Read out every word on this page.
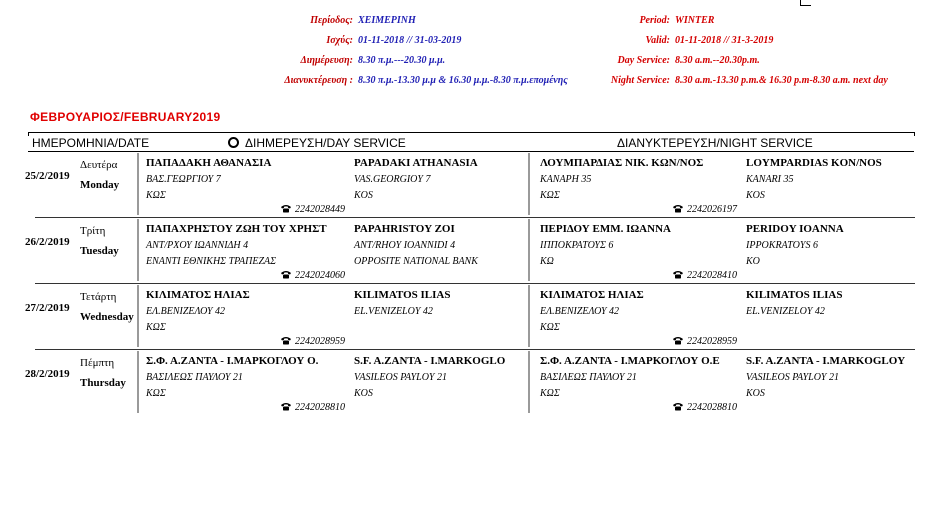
Περίοδος: ΧΕΙΜΕΡΙΝΗ
Ισχύς: 01-11-2018 // 31-03-2019
Διημέρευση: 8.30 π.μ.---20.30 μ.μ.
Διανυκτέρευση : 8.30 π.μ.-13.30 μ.μ & 16.30 μ.μ.-8.30 π.μ.επομένης
Period: WINTER
Valid: 01-11-2018 // 31-3-2019
Day Service: 8.30 a.m.--20.30p.m.
Night Service: 8.30 a.m.-13.30 p.m.& 16.30 p.m-8.30 a.m. next day
ΦΕΒΡΟΥΑΡΙΟΣ/FEBRUARY2019
ΗΜΕΡΟΜΗΝΙΑ/DATE	ΔΙΗΜΕΡΕΥΣΗ/DAY SERVICE	ΔΙΑΝΥΚΤΕΡΕΥΣΗ/NIGHT SERVICE
25/2/2019
Δευτέρα
Monday
ΠΑΠΑΔΑΚΗ ΑΘΑΝΑΣΙΑ
ΒΑΣ.ΓΕΩΡΓΙΟΥ 7
ΚΩΣ
PAPADAKI ATHANASIA
VAS.GEORGIOY 7
KOS
2242028449
ΛΟΥΜΠΑΡΔΙΑΣ ΝΙΚ. ΚΩΝ/ΝΟΣ
ΚΑΝΑΡΗ 35
ΚΩΣ
LOYMPARDIAS KON/NOS
KANARI 35
KOS
2242026197
26/2/2019
Τρίτη
Tuesday
ΠΑΠΑΧΡΗΣΤΟΥ ΖΩΗ ΤΟΥ ΧΡΗΣΤ
ΑΝΤ/ΡΧΟΥ ΙΩΑΝΝΙΔΗ 4
ΕΝΑΝΤΙ ΕΘΝΙΚΗΣ ΤΡΑΠΕΖΑΣ
PAPAHRISTOY ZOI
ANT/RHOY IOANNIDI 4
OPPOSITE NATIONAL BANK
2242024060
ΠΕΡΙΔΟΥ ΕΜΜ. ΙΩΑΝΝΑ
ΙΠΠΟΚΡΑΤΟΥΣ 6
ΚΩ
PERIDOY IOANNA
IPPOKRATOYS 6
KO
2242028410
27/2/2019
Τετάρτη
Wednesday
ΚΙΛΙΜΑΤΟΣ ΗΛΙΑΣ
ΕΛ.ΒΕΝΙΖΕΛΟΥ 42
ΚΩΣ
KILIMATOS ILIAS
EL.VENIZELOY 42
2242028959
ΚΙΛΙΜΑΤΟΣ ΗΛΙΑΣ
ΕΛ.ΒΕΝΙΖΕΛΟΥ 42
ΚΩΣ
KILIMATOS ILIAS
EL.VENIZELOY 42
2242028959
28/2/2019
Πέμπτη
Thursday
Σ.Φ. Α.ΖΑΝΤΑ - Ι.ΜΑΡΚΟΓΛΟΥ Ο.
ΒΑΣΙΛΕΩΣ ΠΑΥΛΟΥ 21
ΚΩΣ
S.F. A.ZANTA - I.MARKOGLO
VASILEOS PAYLOY 21
KOS
2242028810
Σ.Φ. Α.ΖΑΝΤΑ - Ι.ΜΑΡΚΟΓΛΟΥ Ο.Ε
ΒΑΣΙΛΕΩΣ ΠΑΥΛΟΥ 21
ΚΩΣ
S.F. A.ZANTA - I.MARKOGLOY
VASILEOS PAYLOY 21
KOS
2242028810
